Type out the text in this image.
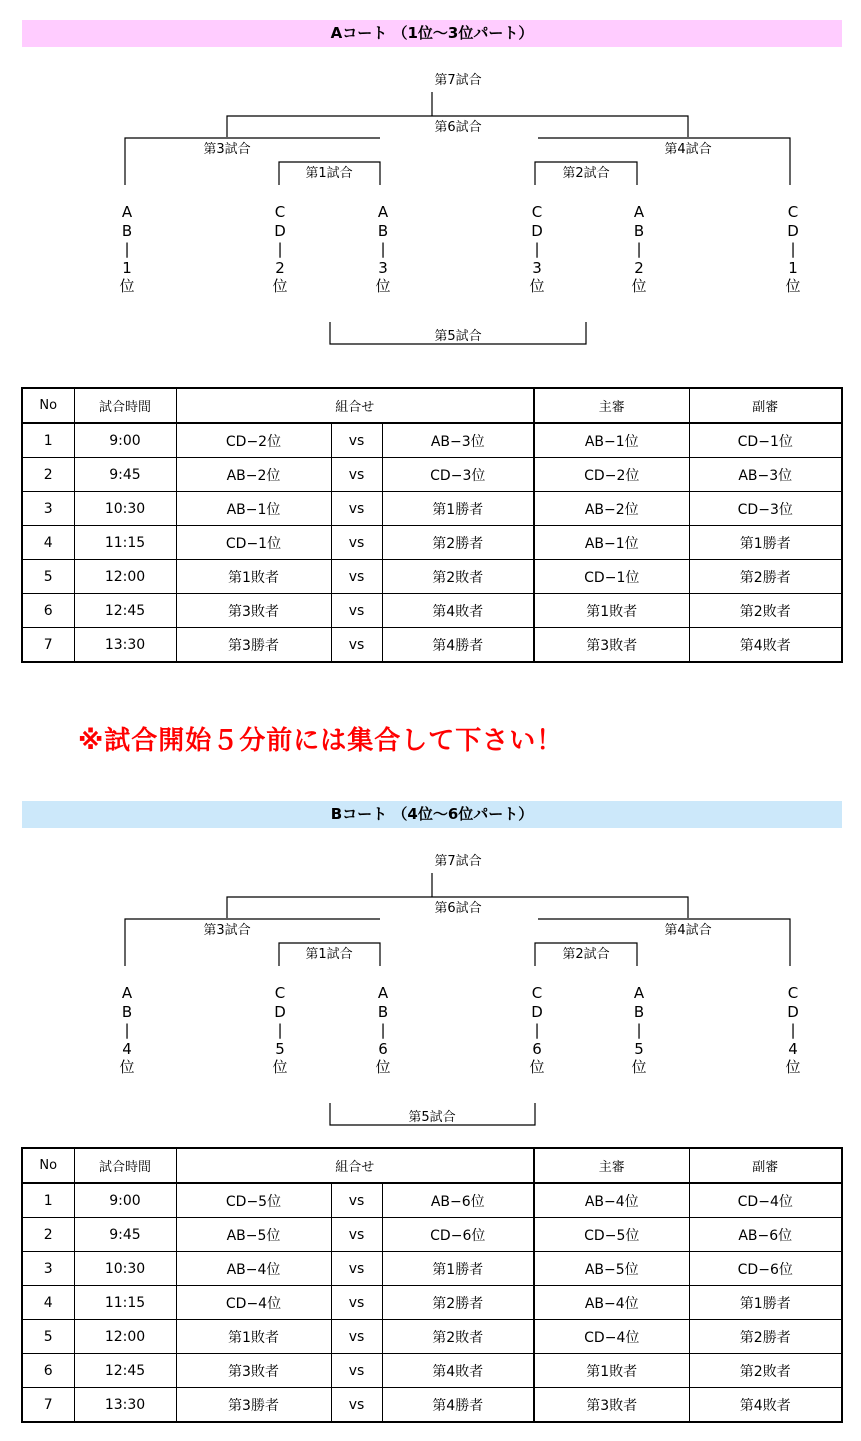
Aコート （1位～3位パート）
第7試合
第6試合
第3試合	第4試合
第1試合	第2試合
第5試合
A
B
|
1
位
C
D
|
2
位
A
B
|
3
位
C
D
|
3
位
A
B
|
2
位
C
D
|
1
位
No	試合時間	組合せ			主審	副審
1	9:00	CD−2位	vs	AB−3位	AB−1位	CD−1位
2	9:45	AB−2位	vs	CD−3位	CD−2位	AB−3位
3	10:30	AB−1位	vs	第1勝者	AB−2位	CD−3位
4	11:15	CD−1位	vs	第2勝者	AB−1位	第1勝者
5	12:00	第1敗者	vs	第2敗者	CD−1位	第2勝者
6	12:45	第3敗者	vs	第4敗者	第1敗者	第2敗者
7	13:30	第3勝者	vs	第4勝者	第3敗者	第4敗者
※試合開始５分前には集合して下さい！
Bコート （4位～6位パート）
第7試合
第6試合
第3試合	第4試合
第1試合	第2試合
第5試合
A
B
|
4
位
C
D
|
5
位
A
B
|
6
位
C
D
|
6
位
A
B
|
5
位
C
D
|
4
位
No	試合時間	組合せ			主審	副審
1	9:00	CD−5位	vs	AB−6位	AB−4位	CD−4位
2	9:45	AB−5位	vs	CD−6位	CD−5位	AB−6位
3	10:30	AB−4位	vs	第1勝者	AB−5位	CD−6位
4	11:15	CD−4位	vs	第2勝者	AB−4位	第1勝者
5	12:00	第1敗者	vs	第2敗者	CD−4位	第2勝者
6	12:45	第3敗者	vs	第4敗者	第1敗者	第2敗者
7	13:30	第3勝者	vs	第4勝者	第3敗者	第4敗者
